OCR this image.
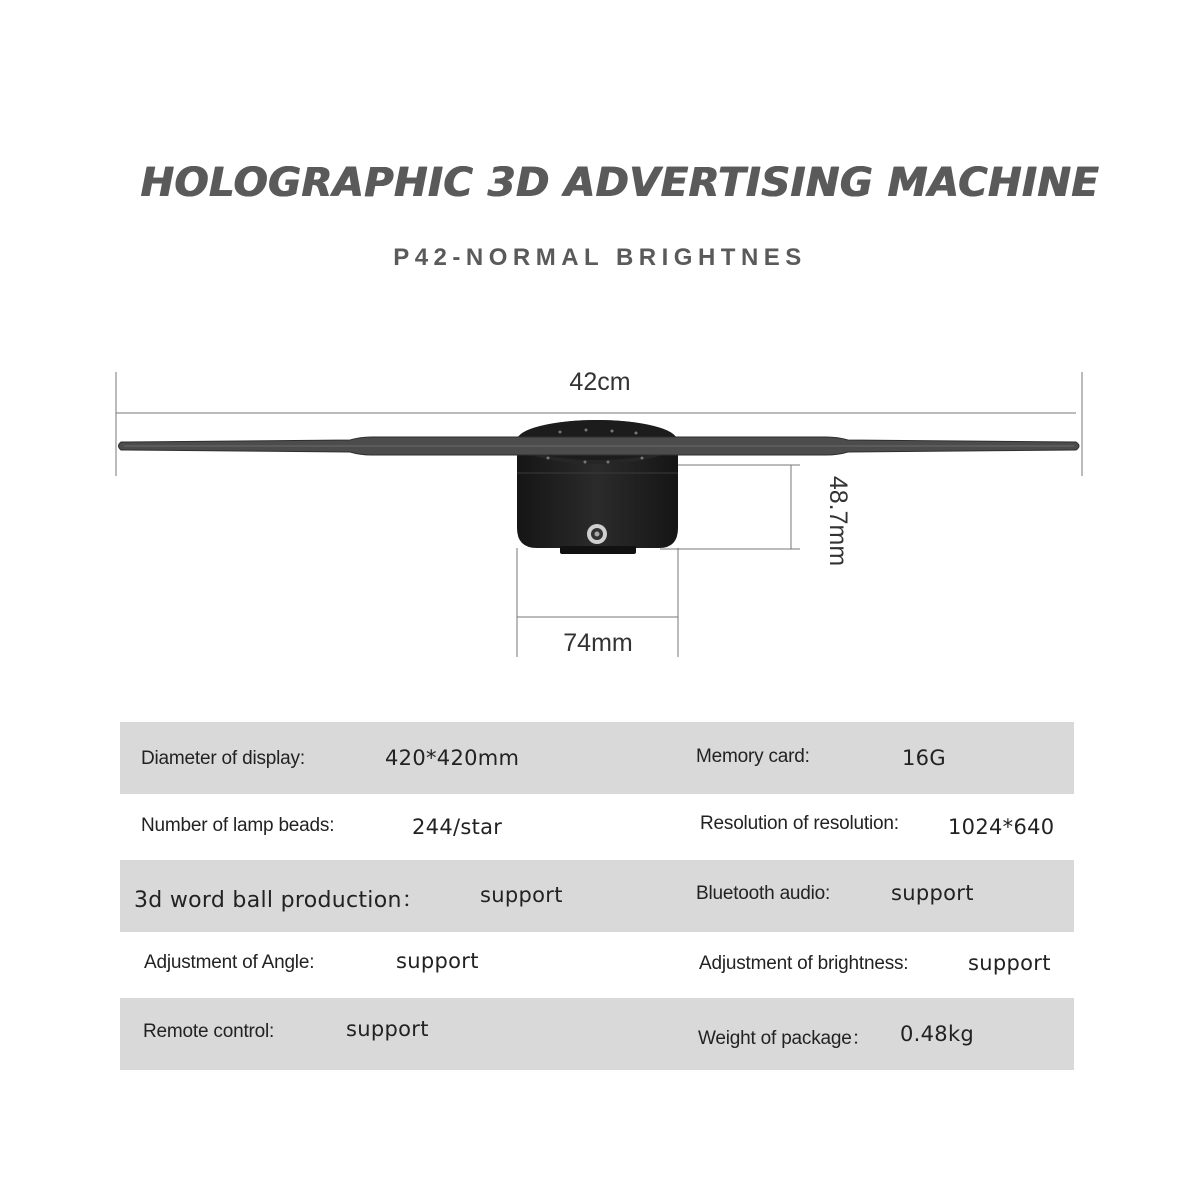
HOLOGRAPHIC 3D ADVERTISING MACHINE
P42-NORMAL BRIGHTNES
42cm
48.7mm
74mm
Diameter of display:	420*420mm	Memory card:	16G
Number of lamp beads:	244/star	Resolution of resolution: 1024*640
3d word ball production：	support	Bluetooth audio:	support
Adjustment of Angle:	support	Adjustment of brightness:	support
Remote control:	support	Weight of package： 0.48kg
